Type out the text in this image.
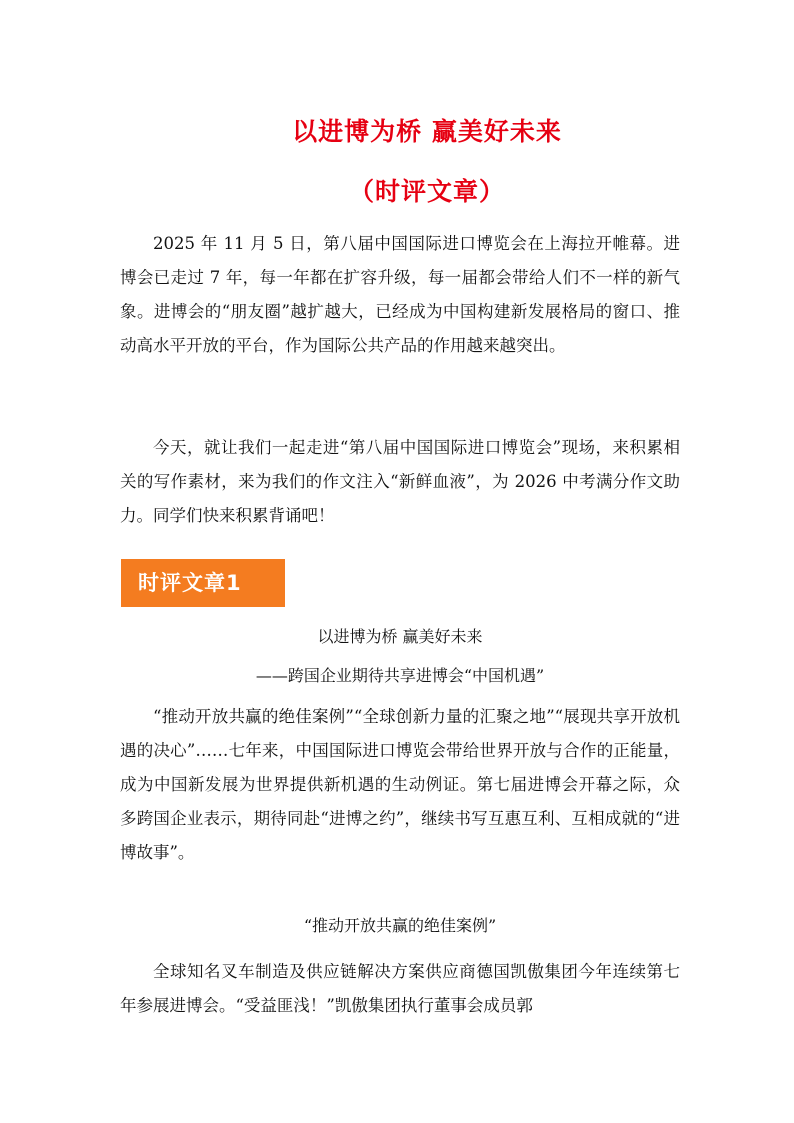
以进博为桥 赢美好未来
（时评文章）

2025 年 11 月 5 日，第八届中国国际进口博览会在上海拉开帷幕。进博会已走过 7 年，每一年都在扩容升级，每一届都会带给人们不一样的新气象。进博会的“朋友圈”越扩越大，已经成为中国构建新发展格局的窗口、推动高水平开放的平台，作为国际公共产品的作用越来越突出。

今天，就让我们一起走进“第八届中国国际进口博览会”现场，来积累相关的写作素材，来为我们的作文注入“新鲜血液”，为 2026 中考满分作文助力。同学们快来积累背诵吧！

时评文章1
以进博为桥 赢美好未来
——跨国企业期待共享进博会“中国机遇”

“推动开放共赢的绝佳案例”“全球创新力量的汇聚之地”“展现共享开放机遇的决心”……七年来，中国国际进口博览会带给世界开放与合作的正能量，成为中国新发展为世界提供新机遇的生动例证。第七届进博会开幕之际，众多跨国企业表示，期待同赴“进博之约”，继续书写互惠互利、互相成就的“进博故事”。

“推动开放共赢的绝佳案例”

全球知名叉车制造及供应链解决方案供应商德国凯傲集团今年连续第七年参展进博会。“受益匪浅！”凯傲集团执行董事会成员郭
